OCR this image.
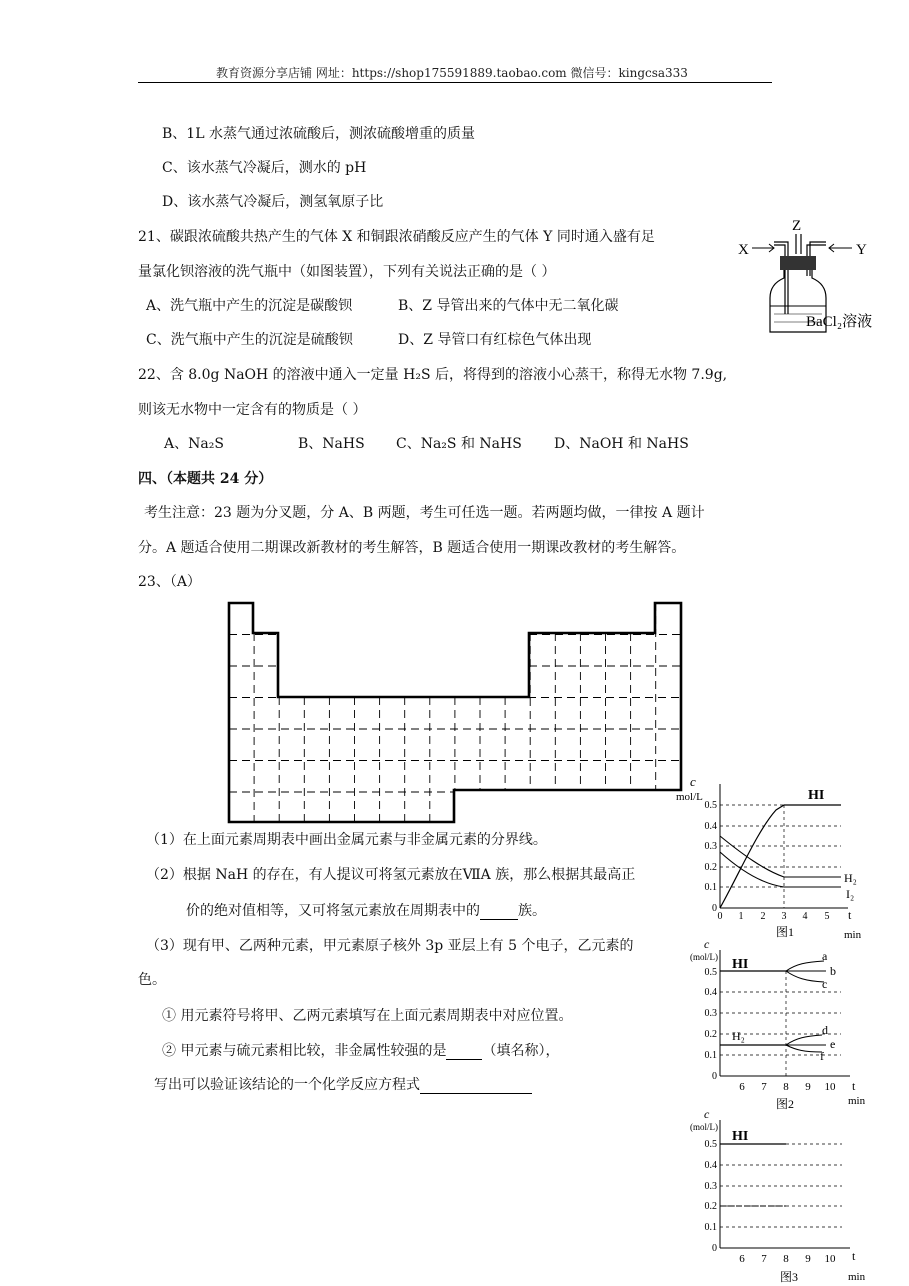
教育资源分享店铺 网址：https://shop175591889.taobao.com 微信号：kingcsa333
B、1L 水蒸气通过浓硫酸后，测浓硫酸增重的质量
C、该水蒸气冷凝后，测水的 pH
D、该水蒸气冷凝后，测氢氧原子比
21、碳跟浓硫酸共热产生的气体 X 和铜跟浓硝酸反应产生的气体 Y 同时通入盛有足
量氯化钡溶液的洗气瓶中（如图装置），下列有关说法正确的是（ ）
A、洗气瓶中产生的沉淀是碳酸钡	B、Z 导管出来的气体中无二氧化碳
C、洗气瓶中产生的沉淀是硫酸钡	D、Z 导管口有红棕色气体出现
Z
X	Y
BaCl₂溶液
22、含 8.0g NaOH 的溶液中通入一定量 H₂S 后，将得到的溶液小心蒸干，称得无水物 7.9g,
则该无水物中一定含有的物质是（ ）
A、Na₂S	B、NaHS C、Na₂S 和 NaHS D、NaOH 和 NaHS
四、（本题共 24 分）
考生注意：23 题为分叉题，分 A、B 两题，考生可任选一题。若两题均做，一律按 A 题计
分。A 题适合使用二期课改新教材的考生解答，B 题适合使用一期课改教材的考生解答。
23、（A）
（1）在上面元素周期表中画出金属元素与非金属元素的分界线。
（2）根据 NaH 的存在，有人提议可将氢元素放在ⅦA 族，那么根据其最高正
价的绝对值相等，又可将氢元素放在周期表中的	族。
（3）现有甲、乙两种元素，甲元素原子核外 3p 亚层上有 5 个电子，乙元素的
色。
① 用元素符号将甲、乙两元素填写在上面元素周期表中对应位置。
② 甲元素与硫元素相比较，非金属性较强的是	（填名称），
写出可以验证该结论的一个化学反应方程式
c
mol/L
0
0.1
0.2
0.3
0.4
0.5
0 1 2 3 4 5
HI
H₂
I₂
t
图1	min
c
(mol/L)
0
0.1
0.2
0.3
0.4
0.5
6 7 8 9 10
HI
H₂
a
b
c
d
e
f
t
图2	min
c
(mol/L)
0
0.1
0.2
0.3
0.4
0.5
6 7 8 9 10
HI
t
图3	min
